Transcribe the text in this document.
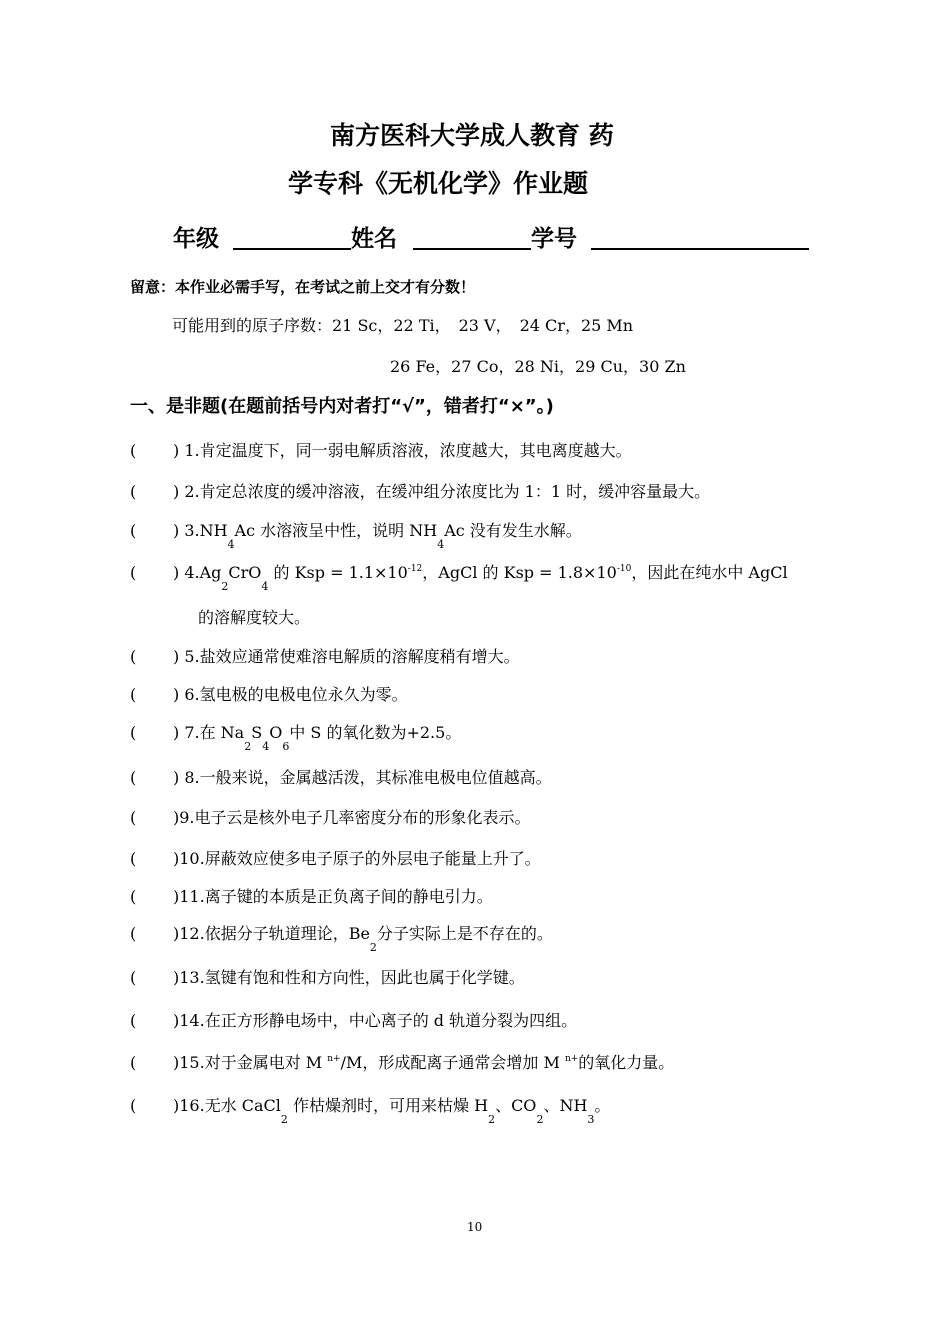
南方医科大学成人教育 药
学专科《无机化学》作业题
年级	姓名	学号
留意：本作业必需手写，在考试之前上交才有分数！
可能用到的原子序数：21 Sc，22 Ti，　23 V，　24 Cr，25 Mn
26 Fe，27 Co，28 Ni，29 Cu，30 Zn
一、是非题(在题前括号内对者打“√”，错者打“×”。)
( ) 1.肯定温度下，同一弱电解质溶液，浓度越大，其电离度越大。
( ) 2.肯定总浓度的缓冲溶液，在缓冲组分浓度比为 1：1 时，缓冲容量最大。
( ) $3.NH_4Ac$ 水溶液呈中性，说明 $NH_4Ac$ 没有发生水解。
( ) $4.Ag_2CrO_4$ 的 Ksp = $1.1\times 10^{-12}$，AgCl 的 Ksp = $1.8\times 10^{-10}$，因此在纯水中 AgCl
的溶解度较大。
( ) 5.盐效应通常使难溶电解质的溶解度稍有增大。
( ) 6.氢电极的电极电位永久为零。
( ) 7.在 $Na_2S_4O_6$中 S 的氧化数为+2.5。
( ) 8.一般来说，金属越活泼，其标准电极电位值越高。
( )9.电子云是核外电子几率密度分布的形象化表示。
( )10.屏蔽效应使多电子原子的外层电子能量上升了。
( )11.离子键的本质是正负离子间的静电引力。
( )12.依据分子轨道理论，$Be_2$分子实际上是不存在的。
( )13.氢键有饱和性和方向性，因此也属于化学键。
( )14.在正方形静电场中，中心离子的 d 轨道分裂为四组。
( )15.对于金属电对 M $^{n+}$/M，形成配离子通常会增加 M $^{n+}$的氧化力量。
( )16.无水 CaCl$_2$ 作枯燥剂时，可用来枯燥 $H_2$、$CO_2$、$NH_3$。
10
